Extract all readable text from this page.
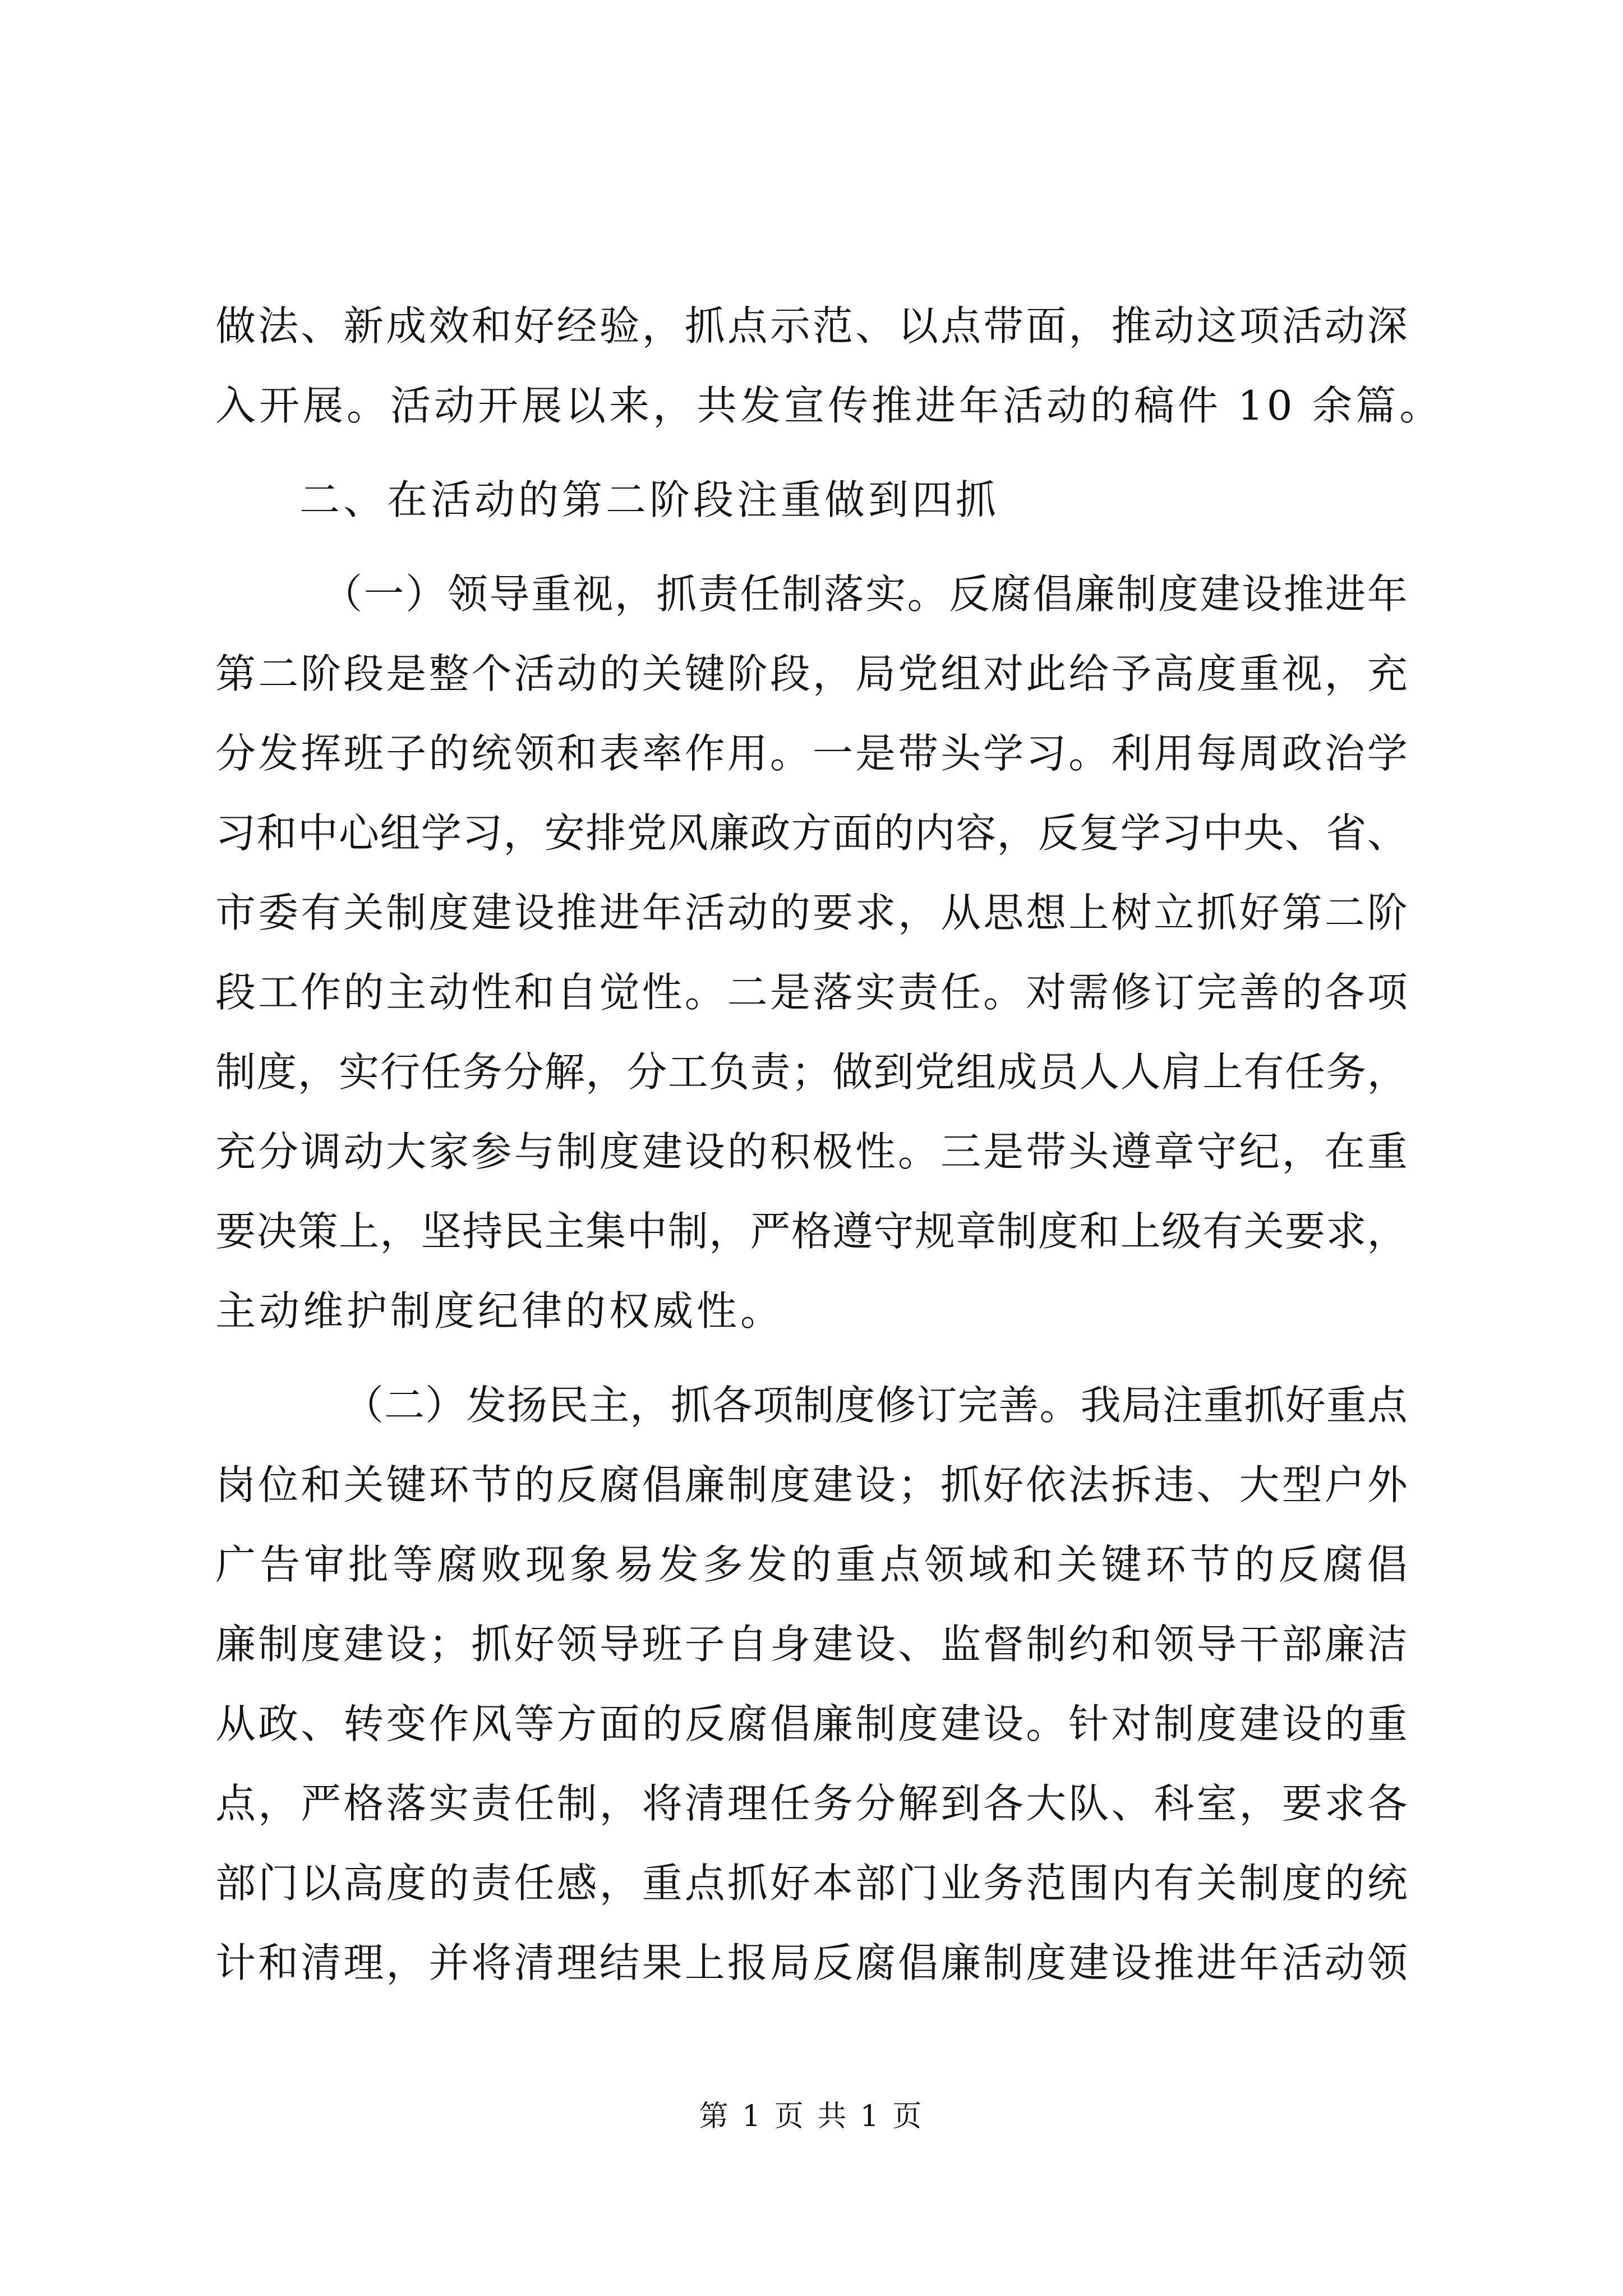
做 法 、 新 成 效 和 好 经 验 ， 抓 点 示 范 、 以 点 带 面 ， 推 动 这 项 活 动 深
入开展。活动开展以来，共发宣传推进年活动的稿件 10 余篇。
二、在活动的第二阶段注重做到四抓
（ 一 ） 领 导 重 视 ， 抓 责 任 制 落 实 。 反 腐 倡 廉 制 度 建 设 推 进 年
第 二 阶 段 是 整 个 活 动 的 关 键 阶 段 ， 局 党 组 对 此 给 予 高 度 重 视 ， 充
分 发 挥 班 子 的 统 领 和 表 率 作 用 。 一 是 带 头 学 习 。 利 用 每 周 政 治 学
习 和 中 心 组 学 习 ， 安 排 党 风 廉 政 方 面 的 内 容 ， 反 复 学 习 中 央 、 省 、
市 委 有 关 制 度 建 设 推 进 年 活 动 的 要 求 ， 从 思 想 上 树 立 抓 好 第 二 阶
段 工 作 的 主 动 性 和 自 觉 性 。 二 是 落 实 责 任 。 对 需 修 订 完 善 的 各 项
制 度 ， 实 行 任 务 分 解 ， 分 工 负 责 ； 做 到 党 组 成 员 人 人 肩 上 有 任 务 ，
充 分 调 动 大 家 参 与 制 度 建 设 的 积 极 性 。 三 是 带 头 遵 章 守 纪 ， 在 重
要 决 策 上 ， 坚 持 民 主 集 中 制 ， 严 格 遵 守 规 章 制 度 和 上 级 有 关 要 求 ，
主动维护制度纪律的权威性。
（ 二 ） 发 扬 民 主 ， 抓 各 项 制 度 修 订 完 善 。 我 局 注 重 抓 好 重 点
岗 位 和 关 键 环 节 的 反 腐 倡 廉 制 度 建 设 ； 抓 好 依 法 拆 违 、 大 型 户 外
广 告 审 批 等 腐 败 现 象 易 发 多 发 的 重 点 领 域 和 关 键 环 节 的 反 腐 倡
廉 制 度 建 设 ； 抓 好 领 导 班 子 自 身 建 设 、 监 督 制 约 和 领 导 干 部 廉 洁
从 政 、 转 变 作 风 等 方 面 的 反 腐 倡 廉 制 度 建 设 。 针 对 制 度 建 设 的 重
点 ， 严 格 落 实 责 任 制 ， 将 清 理 任 务 分 解 到 各 大 队 、 科 室 ， 要 求 各
部 门 以 高 度 的 责 任 感 ， 重 点 抓 好 本 部 门 业 务 范 围 内 有 关 制 度 的 统
计 和 清 理 ， 并 将 清 理 结 果 上 报 局 反 腐 倡 廉 制 度 建 设 推 进 年 活 动 领
第 1 页 共 1 页
